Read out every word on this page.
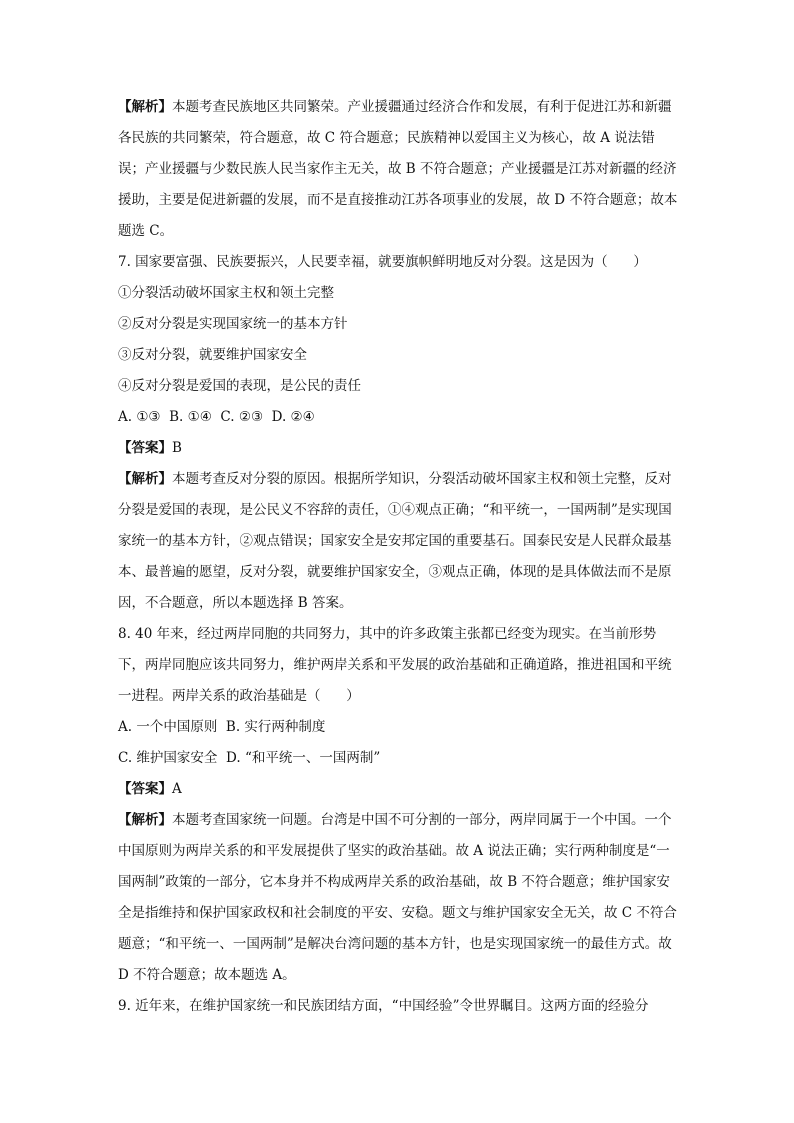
【解析】本题考查民族地区共同繁荣。产业援疆通过经济合作和发展，有利于促进江苏和新疆各民族的共同繁荣，符合题意，故 C 符合题意；民族精神以爱国主义为核心，故 A 说法错误；产业援疆与少数民族人民当家作主无关，故 B 不符合题意；产业援疆是江苏对新疆的经济援助，主要是促进新疆的发展，而不是直接推动江苏各项事业的发展，故 D 不符合题意；故本题选 C。

7. 国家要富强、民族要振兴，人民要幸福，就要旗帜鲜明地反对分裂。这是因为（      ）

①分裂活动破坏国家主权和领土完整

②反对分裂是实现国家统一的基本方针

③反对分裂，就要维护国家安全

④反对分裂是爱国的表现，是公民的责任

A. ①③  B. ①④  C. ②③  D. ②④

【答案】B

【解析】本题考查反对分裂的原因。根据所学知识，分裂活动破坏国家主权和领土完整，反对分裂是爱国的表现，是公民义不容辞的责任，①④观点正确；“和平统一，一国两制”是实现国家统一的基本方针，②观点错误；国家安全是安邦定国的重要基石。国泰民安是人民群众最基本、最普遍的愿望，反对分裂，就要维护国家安全，③观点正确，体现的是具体做法而不是原因，不合题意，所以本题选择 B 答案。

8. 40 年来，经过两岸同胞的共同努力，其中的许多政策主张都已经变为现实。在当前形势下，两岸同胞应该共同努力，维护两岸关系和平发展的政治基础和正确道路，推进祖国和平统一进程。两岸关系的政治基础是（      ）

A. 一个中国原则  B. 实行两种制度

C. 维护国家安全  D. “和平统一、一国两制”

【答案】A

【解析】本题考查国家统一问题。台湾是中国不可分割的一部分，两岸同属于一个中国。一个中国原则为两岸关系的和平发展提供了坚实的政治基础。故 A 说法正确；实行两种制度是“一国两制”政策的一部分，它本身并不构成两岸关系的政治基础，故 B 不符合题意；维护国家安全是指维持和保护国家政权和社会制度的平安、安稳。题文与维护国家安全无关，故 C 不符合题意；“和平统一、一国两制”是解决台湾问题的基本方针，也是实现国家统一的最佳方式。故 D 不符合题意；故本题选 A。

9. 近年来，在维护国家统一和民族团结方面，“中国经验”令世界瞩目。这两方面的经验分
